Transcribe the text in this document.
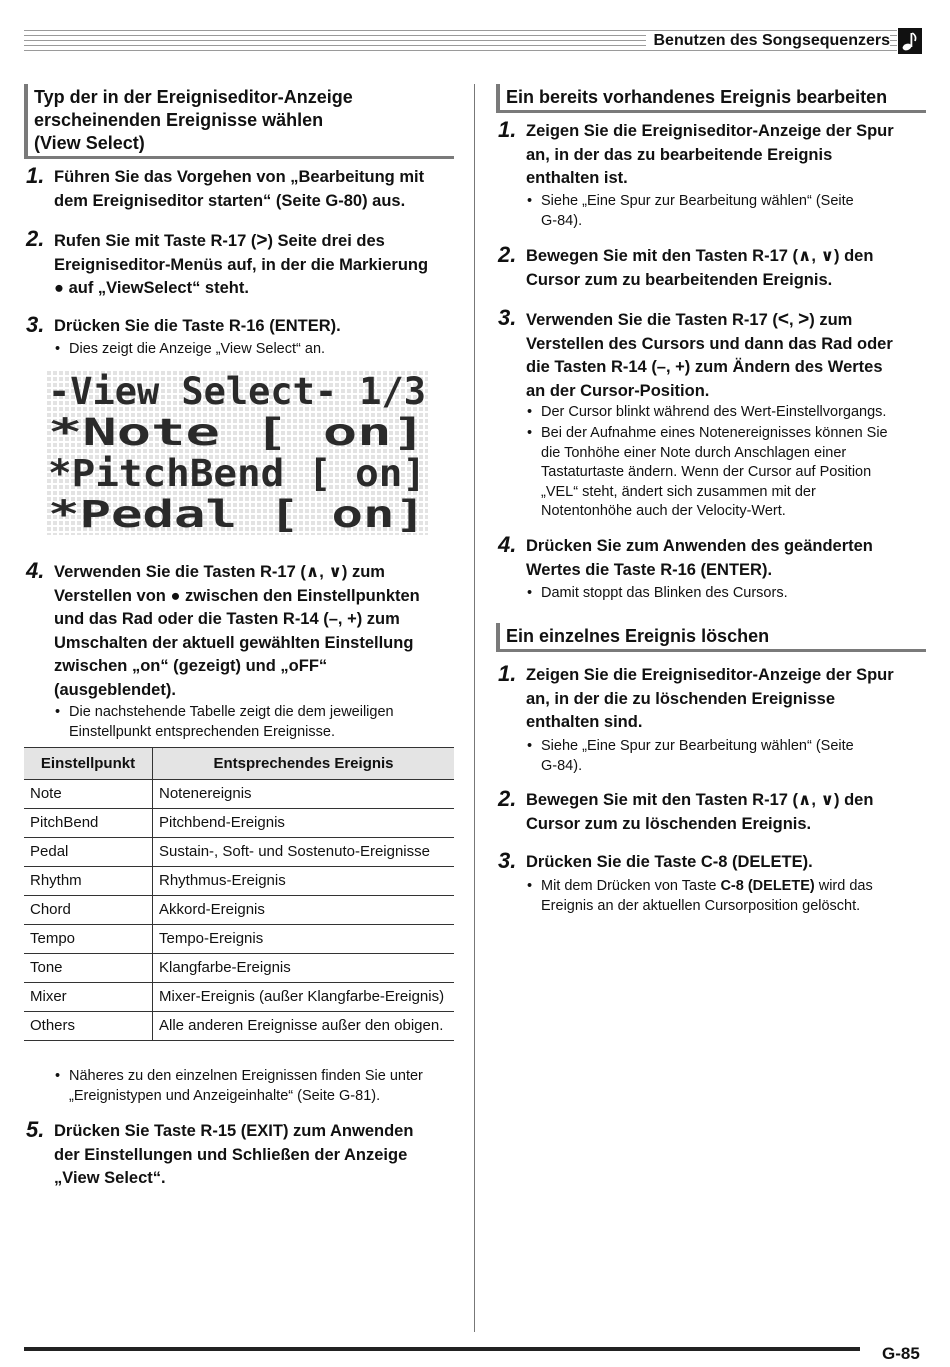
Benutzen des Songsequenzers
Typ der in der Ereigniseditor-Anzeige
erscheinenden Ereignisse wählen
(View Select)
1. Führen Sie das Vorgehen von „Bearbeitung mit
dem Ereigniseditor starten“ (Seite G-80) aus.
2. Rufen Sie mit Taste R-17 (>) Seite drei des
Ereigniseditor-Menüs auf, in der die Markierung
● auf „ViewSelect“ steht.
3. Drücken Sie die Taste R-16 (ENTER).
• Dies zeigt die Anzeige „View Select“ an.
-View Select- 1/3
*Note [ on]
*PitchBend [ on]
*Pedal [ on]
4. Verwenden Sie die Tasten R-17 (∧, ∨) zum
Verstellen von ● zwischen den Einstellpunkten
und das Rad oder die Tasten R-14 (–, +) zum
Umschalten der aktuell gewählten Einstellung
zwischen „on“ (gezeigt) und „oFF“
(ausgeblendet).
• Die nachstehende Tabelle zeigt die dem jeweiligen
Einstellpunkt entsprechenden Ereignisse.
Einstellpunkt	Entsprechendes Ereignis
Note	Notenereignis
PitchBend	Pitchbend-Ereignis
Pedal	Sustain-, Soft- und Sostenuto-Ereignisse
Rhythm	Rhythmus-Ereignis
Chord	Akkord-Ereignis
Tempo	Tempo-Ereignis
Tone	Klangfarbe-Ereignis
Mixer	Mixer-Ereignis (außer Klangfarbe-Ereignis)
Others	Alle anderen Ereignisse außer den obigen.
• Näheres zu den einzelnen Ereignissen finden Sie unter
„Ereignistypen und Anzeigeinhalte“ (Seite G-81).
5. Drücken Sie Taste R-15 (EXIT) zum Anwenden
der Einstellungen und Schließen der Anzeige
„View Select“.
Ein bereits vorhandenes Ereignis bearbeiten
1. Zeigen Sie die Ereigniseditor-Anzeige der Spur
an, in der das zu bearbeitende Ereignis
enthalten ist.
• Siehe „Eine Spur zur Bearbeitung wählen“ (Seite
G-84).
2. Bewegen Sie mit den Tasten R-17 (∧, ∨) den
Cursor zum zu bearbeitenden Ereignis.
3. Verwenden Sie die Tasten R-17 (<, >) zum
Verstellen des Cursors und dann das Rad oder
die Tasten R-14 (–, +) zum Ändern des Wertes
an der Cursor-Position.
• Der Cursor blinkt während des Wert-Einstellvorgangs.
• Bei der Aufnahme eines Notenereignisses können Sie
die Tonhöhe einer Note durch Anschlagen einer
Tastaturtaste ändern. Wenn der Cursor auf Position
„VEL“ steht, ändert sich zusammen mit der
Notentonhöhe auch der Velocity-Wert.
4. Drücken Sie zum Anwenden des geänderten
Wertes die Taste R-16 (ENTER).
• Damit stoppt das Blinken des Cursors.
Ein einzelnes Ereignis löschen
1. Zeigen Sie die Ereigniseditor-Anzeige der Spur
an, in der die zu löschenden Ereignisse
enthalten sind.
• Siehe „Eine Spur zur Bearbeitung wählen“ (Seite
G-84).
2. Bewegen Sie mit den Tasten R-17 (∧, ∨) den
Cursor zum zu löschenden Ereignis.
3. Drücken Sie die Taste C-8 (DELETE).
• Mit dem Drücken von Taste C-8 (DELETE) wird das
Ereignis an der aktuellen Cursorposition gelöscht.
G-85
